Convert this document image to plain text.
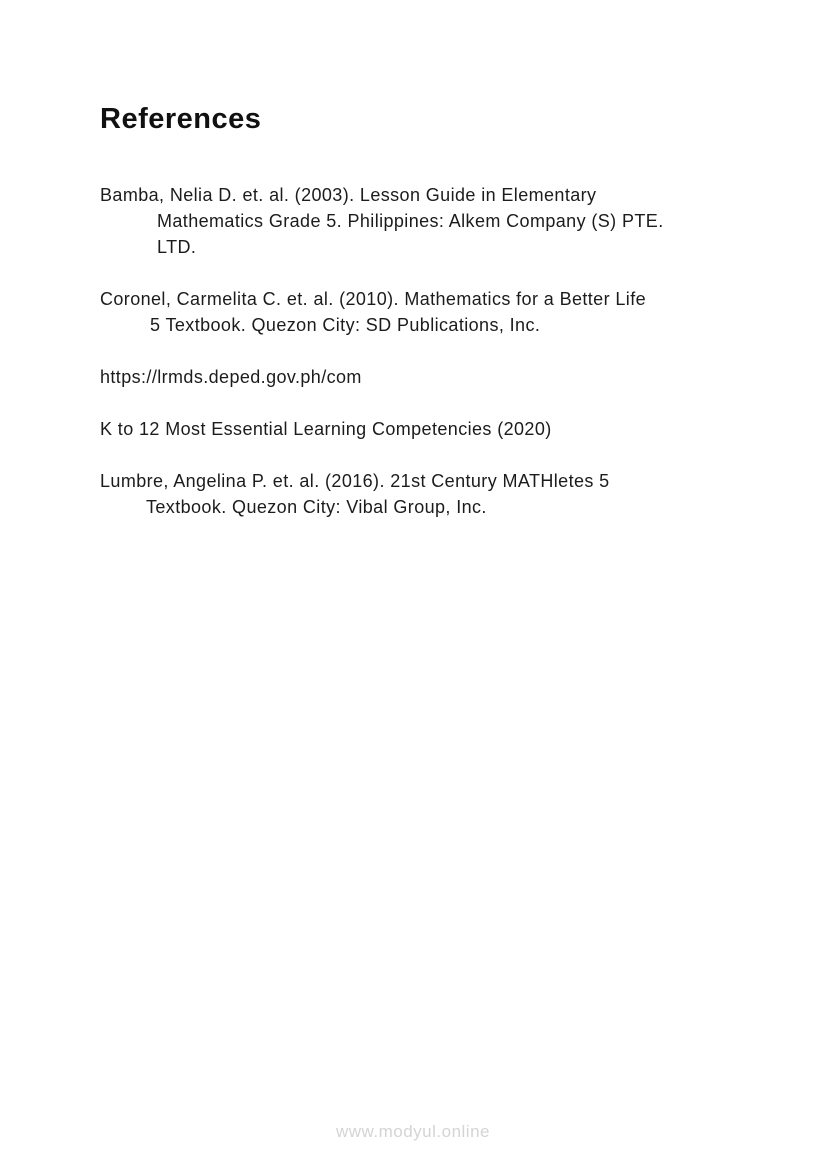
References
Bamba, Nelia D. et. al. (2003). Lesson Guide in Elementary
Mathematics Grade 5. Philippines: Alkem Company (S) PTE.
LTD.
Coronel, Carmelita C. et. al. (2010). Mathematics for a Better Life
5 Textbook. Quezon City: SD Publications, Inc.
https://lrmds.deped.gov.ph/com
K to 12 Most Essential Learning Competencies (2020)
Lumbre, Angelina P. et. al. (2016). 21st Century MATHletes 5
Textbook. Quezon City: Vibal Group, Inc.
www.modyul.online
